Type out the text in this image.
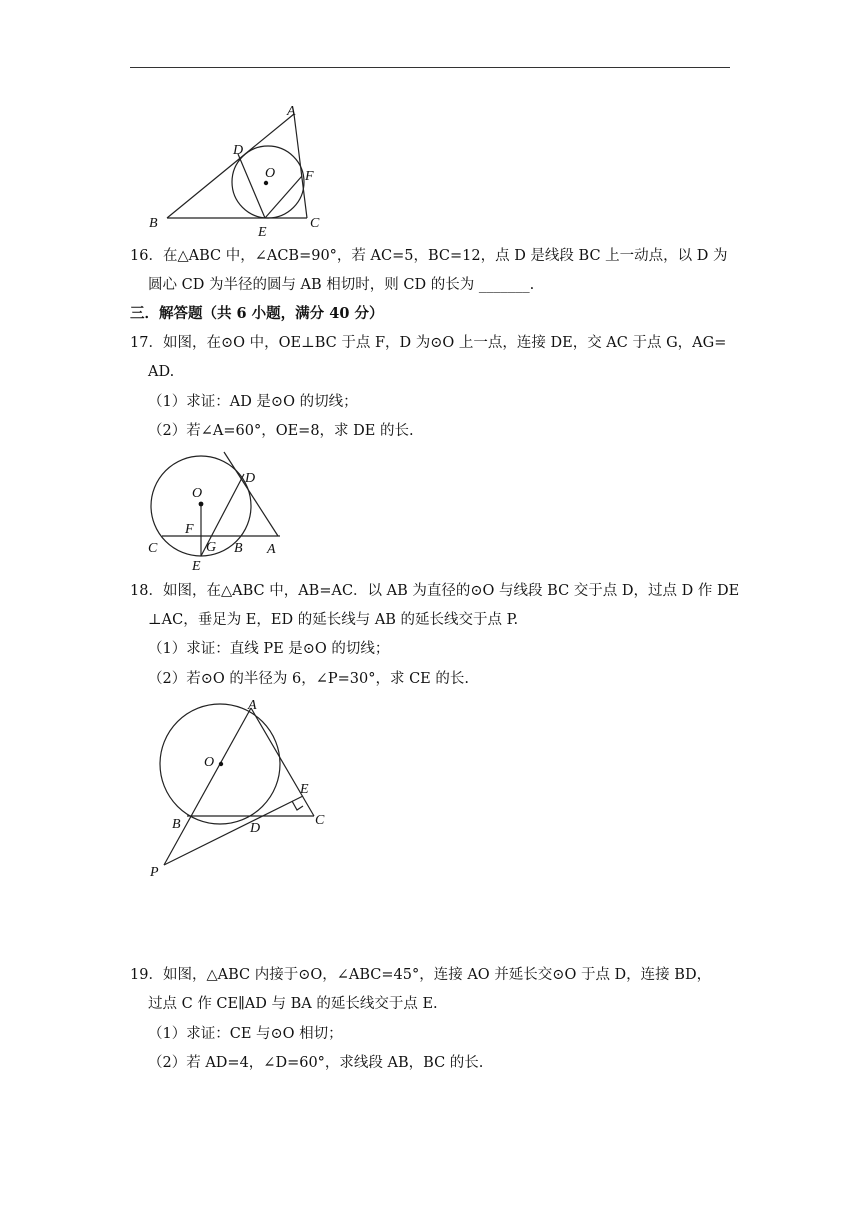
A
B	C
D
E
F
O
16．在△ABC 中，∠ACB=90°，若 AC=5，BC=12，点 D 是线段 BC 上一动点，以 D 为
圆心 CD 为半径的圆与 AB 相切时，则 CD 的长为 _______.
三．解答题（共 6 小题，满分 40 分）
17．如图，在⊙O 中，OE⊥BC 于点 F，D 为⊙O 上一点，连接 DE，交 AC 于点 G，AG=
AD.
（1）求证：AD 是⊙O 的切线；
（2）若∠A=60°，OE=8，求 DE 的长.
O
D
F
C	G B A
E
18．如图，在△ABC 中，AB=AC．以 AB 为直径的⊙O 与线段 BC 交于点 D，过点 D 作 DE
⊥AC，垂足为 E，ED 的延长线与 AB 的延长线交于点 P.
（1）求证：直线 PE 是⊙O 的切线；
（2）若⊙O 的半径为 6，∠P=30°，求 CE 的长.
A
O
E
B	D
C
P
19．如图，△ABC 内接于⊙O，∠ABC=45°，连接 AO 并延长交⊙O 于点 D，连接 BD，
过点 C 作 CE∥AD 与 BA 的延长线交于点 E.
（1）求证：CE 与⊙O 相切；
（2）若 AD=4，∠D=60°，求线段 AB，BC 的长.
